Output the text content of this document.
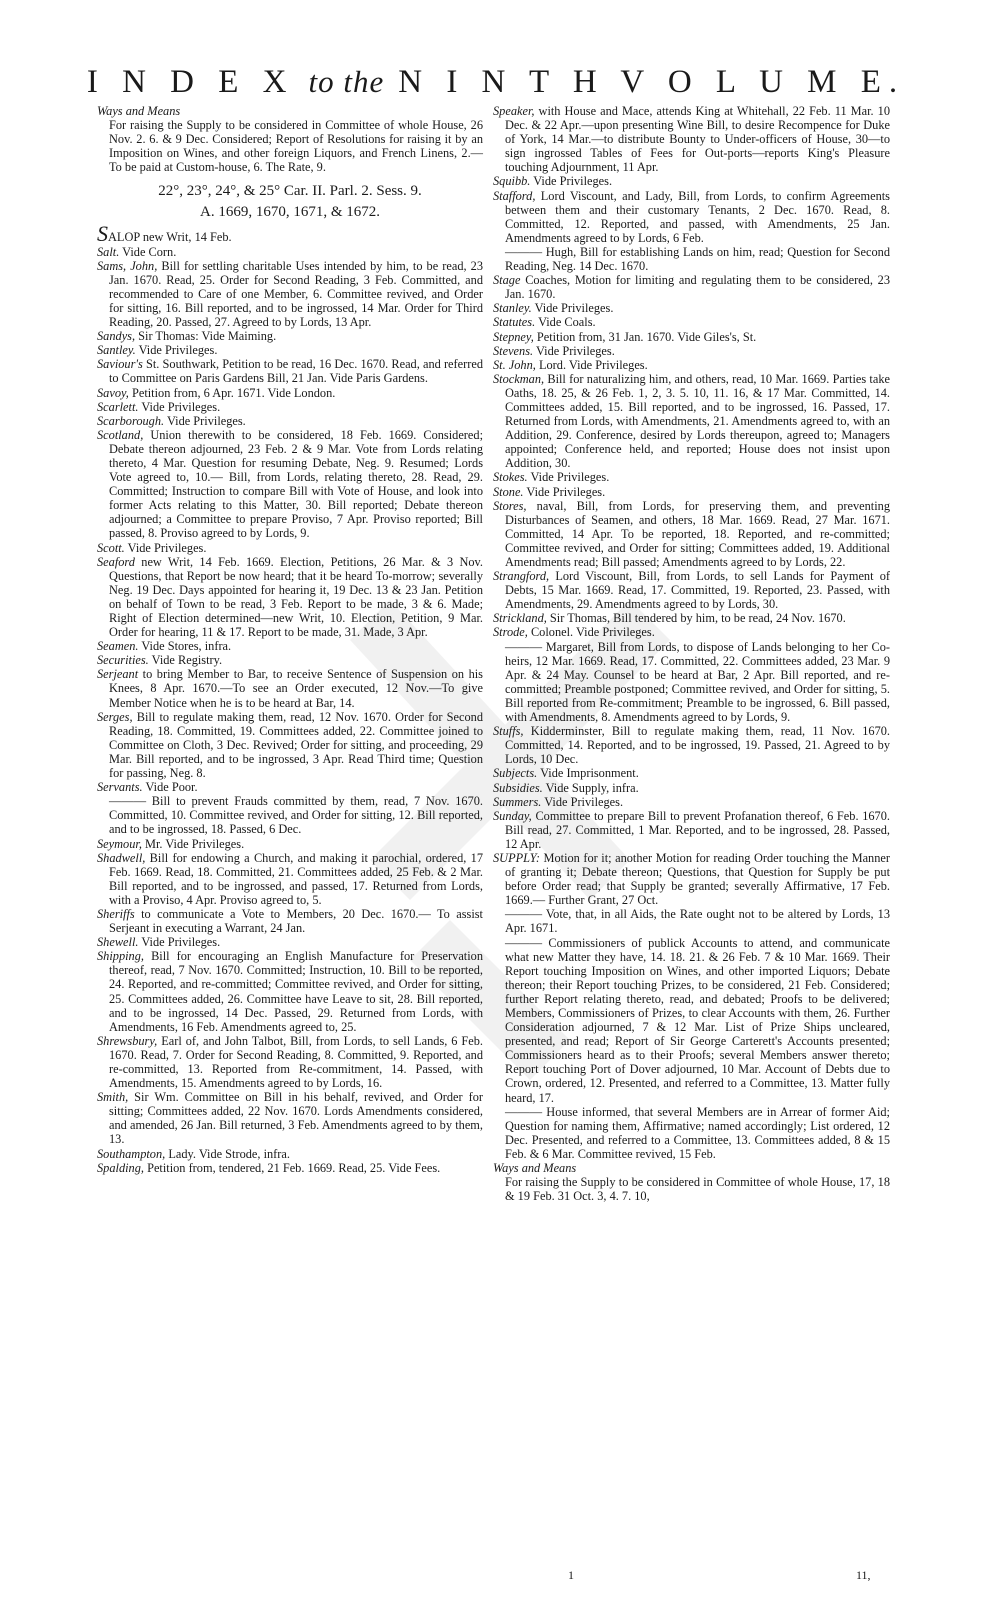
I N D E X to the N I N T H V O L U M E.
Ways and Means
For raising the Supply to be considered in Committee of whole House, 26 Nov. 2. 6. & 9 Dec. Considered; Report of Resolutions for raising it by an Imposition on Wines, and other foreign Liquors, and French Linens, 2.—To be paid at Custom-house, 6. The Rate, 9.
22°, 23°, 24°, & 25° Car. II. Parl. 2. Sess. 9.
A. 1669, 1670, 1671, & 1672.
SALOP new Writ, 14 Feb.
Salt. Vide Corn.
Sams, John, Bill for settling charitable Uses intended by him, to be read, 23 Jan. 1670. Read, 25. Order for Second Reading, 3 Feb. Committed, and recommended to Care of one Member, 6. Committee revived, and Order for sitting, 16. Bill reported, and to be ingrossed, 14 Mar. Order for Third Reading, 20. Passed, 27. Agreed to by Lords, 13 Apr.
Sandys, Sir Thomas: Vide Maiming.
Santley. Vide Privileges.
Saviour's St. Southwark, Petition to be read, 16 Dec. 1670. Read, and referred to Committee on Paris Gardens Bill, 21 Jan. Vide Paris Gardens.
Savoy, Petition from, 6 Apr. 1671. Vide London.
Scarlett. Vide Privileges.
Scarborough. Vide Privileges.
Scotland, Union therewith to be considered, 18 Feb. 1669. Considered; Debate thereon adjourned, 23 Feb. 2 & 9 Mar. Vote from Lords relating thereto, 4 Mar. Question for resuming Debate, Neg. 9. Resumed; Lords Vote agreed to, 10.— Bill, from Lords, relating thereto, 28. Read, 29. Committed; Instruction to compare Bill with Vote of House, and look into former Acts relating to this Matter, 30. Bill reported; Debate thereon adjourned; a Committee to prepare Proviso, 7 Apr. Proviso reported; Bill passed, 8. Proviso agreed to by Lords, 9.
Scott. Vide Privileges.
Seaford new Writ, 14 Feb. 1669. Election, Petitions, 26 Mar. & 3 Nov. Questions, that Report be now heard; that it be heard To-morrow; severally Neg. 19 Dec. Days appointed for hearing it, 19 Dec. 13 & 23 Jan. Petition on behalf of Town to be read, 3 Feb. Report to be made, 3 & 6. Made; Right of Election determined—new Writ, 10. Election, Petition, 9 Mar. Order for hearing, 11 & 17. Report to be made, 31. Made, 3 Apr.
Seamen. Vide Stores, infra.
Securities. Vide Registry.
Serjeant to bring Member to Bar, to receive Sentence of Suspension on his Knees, 8 Apr. 1670.—To see an Order executed, 12 Nov.—To give Member Notice when he is to be heard at Bar, 14.
Serges, Bill to regulate making them, read, 12 Nov. 1670. Order for Second Reading, 18. Committed, 19. Committees added, 22. Committee joined to Committee on Cloth, 3 Dec. Revived; Order for sitting, and proceeding, 29 Mar. Bill reported, and to be ingrossed, 3 Apr. Read Third time; Question for passing, Neg. 8.
Servants. Vide Poor.
——— Bill to prevent Frauds committed by them, read, 7 Nov. 1670. Committed, 10. Committee revived, and Order for sitting, 12. Bill reported, and to be ingrossed, 18. Passed, 6 Dec.
Seymour, Mr. Vide Privileges.
Shadwell, Bill for endowing a Church, and making it parochial, ordered, 17 Feb. 1669. Read, 18. Committed, 21. Committees added, 25 Feb. & 2 Mar. Bill reported, and to be ingrossed, and passed, 17. Returned from Lords, with a Proviso, 4 Apr. Proviso agreed to, 5.
Sheriffs to communicate a Vote to Members, 20 Dec. 1670.— To assist Serjeant in executing a Warrant, 24 Jan.
Shewell. Vide Privileges.
Shipping, Bill for encouraging an English Manufacture for Preservation thereof, read, 7 Nov. 1670. Committed; Instruction, 10. Bill to be reported, 24. Reported, and re-committed; Committee revived, and Order for sitting, 25. Committees added, 26. Committee have Leave to sit, 28. Bill reported, and to be ingrossed, 14 Dec. Passed, 29. Returned from Lords, with Amendments, 16 Feb. Amendments agreed to, 25.
Shrewsbury, Earl of, and John Talbot, Bill, from Lords, to sell Lands, 6 Feb. 1670. Read, 7. Order for Second Reading, 8. Committed, 9. Reported, and re-committed, 13. Reported from Re-commitment, 14. Passed, with Amendments, 15. Amendments agreed to by Lords, 16.
Smith, Sir Wm. Committee on Bill in his behalf, revived, and Order for sitting; Committees added, 22 Nov. 1670. Lords Amendments considered, and amended, 26 Jan. Bill returned, 3 Feb. Amendments agreed to by them, 13.
Southampton, Lady. Vide Strode, infra.
Spalding, Petition from, tendered, 21 Feb. 1669. Read, 25. Vide Fees.
Speaker, with House and Mace, attends King at Whitehall, 22 Feb. 11 Mar. 10 Dec. & 22 Apr.—upon presenting Wine Bill, to desire Recompence for Duke of York, 14 Mar.—to distribute Bounty to Under-officers of House, 30—to sign ingrossed Tables of Fees for Out-ports—reports King's Pleasure touching Adjournment, 11 Apr.
Squibb. Vide Privileges.
Stafford, Lord Viscount, and Lady, Bill, from Lords, to confirm Agreements between them and their customary Tenants, 2 Dec. 1670. Read, 8. Committed, 12. Reported, and passed, with Amendments, 25 Jan. Amendments agreed to by Lords, 6 Feb.
——— Hugh, Bill for establishing Lands on him, read; Question for Second Reading, Neg. 14 Dec. 1670.
Stage Coaches, Motion for limiting and regulating them to be considered, 23 Jan. 1670.
Stanley. Vide Privileges.
Statutes. Vide Coals.
Stepney, Petition from, 31 Jan. 1670. Vide Giles's, St.
Stevens. Vide Privileges.
St. John, Lord. Vide Privileges.
Stockman, Bill for naturalizing him, and others, read, 10 Mar. 1669. Parties take Oaths, 18. 25, & 26 Feb. 1, 2, 3. 5. 10, 11. 16, & 17 Mar. Committed, 14. Committees added, 15. Bill reported, and to be ingrossed, 16. Passed, 17. Returned from Lords, with Amendments, 21. Amendments agreed to, with an Addition, 29. Conference, desired by Lords thereupon, agreed to; Managers appointed; Conference held, and reported; House does not insist upon Addition, 30.
Stokes. Vide Privileges.
Stone. Vide Privileges.
Stores, naval, Bill, from Lords, for preserving them, and preventing Disturbances of Seamen, and others, 18 Mar. 1669. Read, 27 Mar. 1671. Committed, 14 Apr. To be reported, 18. Reported, and re-committed; Committee revived, and Order for sitting; Committees added, 19. Additional Amendments read; Bill passed; Amendments agreed to by Lords, 22.
Strangford, Lord Viscount, Bill, from Lords, to sell Lands for Payment of Debts, 15 Mar. 1669. Read, 17. Committed, 19. Reported, 23. Passed, with Amendments, 29. Amendments agreed to by Lords, 30.
Strickland, Sir Thomas, Bill tendered by him, to be read, 24 Nov. 1670.
Strode, Colonel. Vide Privileges.
——— Margaret, Bill from Lords, to dispose of Lands belonging to her Co-heirs, 12 Mar. 1669. Read, 17. Committed, 22. Committees added, 23 Mar. 9 Apr. & 24 May. Counsel to be heard at Bar, 2 Apr. Bill reported, and re-committed; Preamble postponed; Committee revived, and Order for sitting, 5. Bill reported from Re-commitment; Preamble to be ingrossed, 6. Bill passed, with Amendments, 8. Amendments agreed to by Lords, 9.
Stuffs, Kidderminster, Bill to regulate making them, read, 11 Nov. 1670. Committed, 14. Reported, and to be ingrossed, 19. Passed, 21. Agreed to by Lords, 10 Dec.
Subjects. Vide Imprisonment.
Subsidies. Vide Supply, infra.
Summers. Vide Privileges.
Sunday, Committee to prepare Bill to prevent Profanation thereof, 6 Feb. 1670. Bill read, 27. Committed, 1 Mar. Reported, and to be ingrossed, 28. Passed, 12 Apr.
SUPPLY: Motion for it; another Motion for reading Order touching the Manner of granting it; Debate thereon; Questions, that Question for Supply be put before Order read; that Supply be granted; severally Affirmative, 17 Feb. 1669.— Further Grant, 27 Oct.
——— Vote, that, in all Aids, the Rate ought not to be altered by Lords, 13 Apr. 1671.
——— Commissioners of publick Accounts to attend, and communicate what new Matter they have, 14. 18. 21. & 26 Feb. 7 & 10 Mar. 1669. Their Report touching Imposition on Wines, and other imported Liquors; Debate thereon; their Report touching Prizes, to be considered, 21 Feb. Considered; further Report relating thereto, read, and debated; Proofs to be delivered; Members, Commissioners of Prizes, to clear Accounts with them, 26. Further Consideration adjourned, 7 & 12 Mar. List of Prize Ships uncleared, presented, and read; Report of Sir George Carterett's Accounts presented; Commissioners heard as to their Proofs; several Members answer thereto; Report touching Port of Dover adjourned, 10 Mar. Account of Debts due to Crown, ordered, 12. Presented, and referred to a Committee, 13. Matter fully heard, 17.
——— House informed, that several Members are in Arrear of former Aid; Question for naming them, Affirmative; named accordingly; List ordered, 12 Dec. Presented, and referred to a Committee, 13. Committees added, 8 & 15 Feb. & 6 Mar. Committee revived, 15 Feb.
Ways and Means
For raising the Supply to be considered in Committee of whole House, 17, 18 & 19 Feb. 31 Oct. 3, 4. 7. 10,
1	11,
